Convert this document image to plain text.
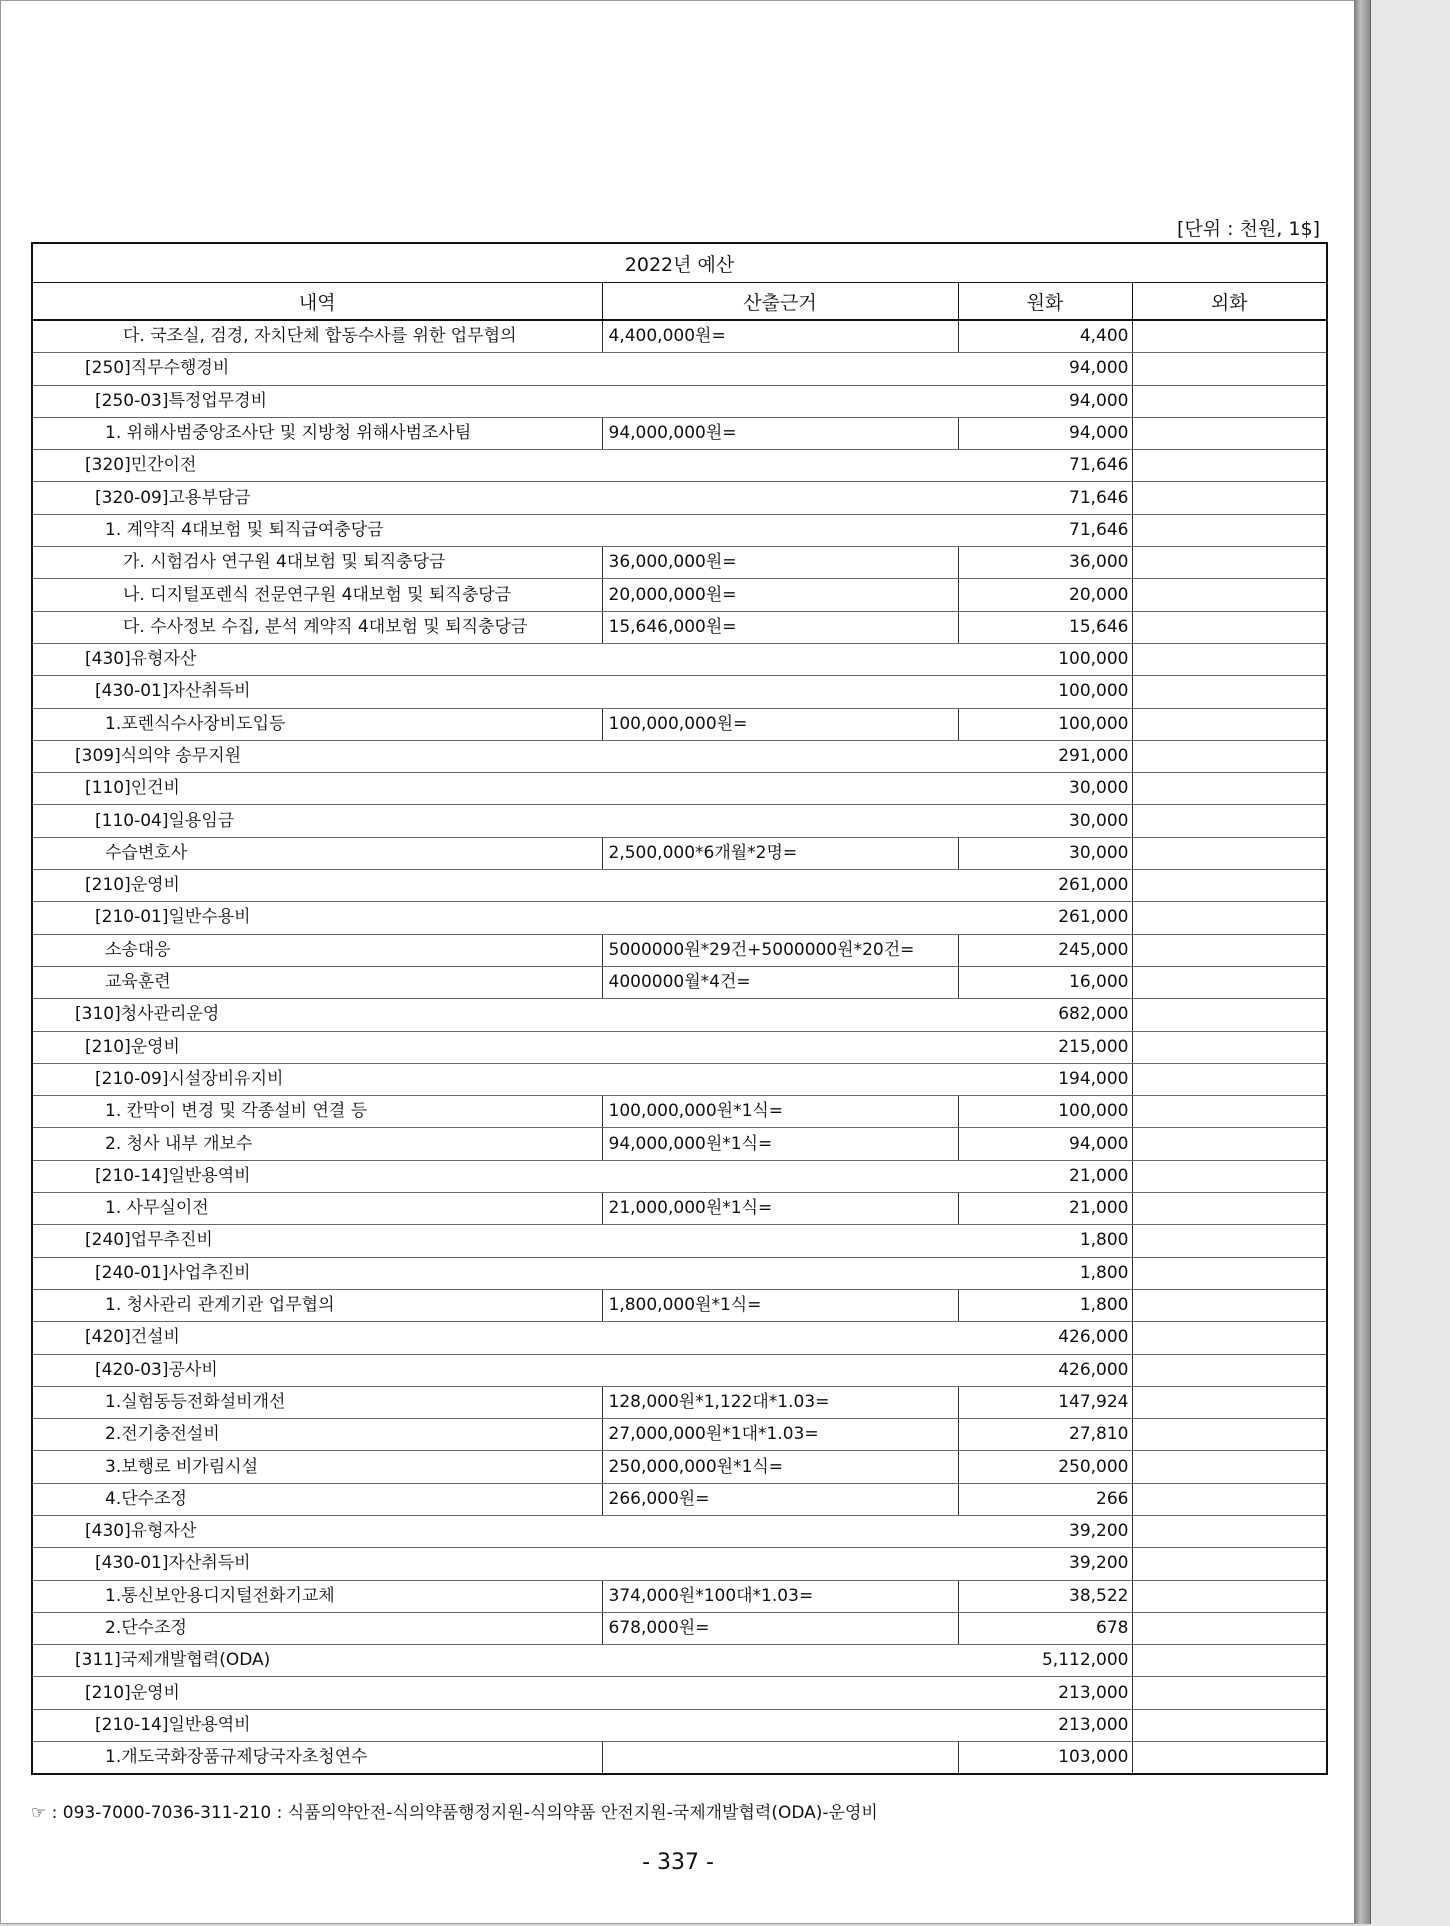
[단위 : 천원, 1$]
2022년 예산			
내역	산출근거	원화	외화
다. 국조실, 검경, 자치단체 합동수사를 위한 업무협의	4,400,000원=	4,400	
[250]직무수행경비		94,000	
[250-03]특정업무경비		94,000	
1. 위해사범중앙조사단 및 지방청 위해사범조사팀	94,000,000원=	94,000	
[320]민간이전		71,646	
[320-09]고용부담금		71,646	
1. 계약직 4대보험 및 퇴직급여충당금		71,646	
가. 시험검사 연구원 4대보험 및 퇴직충당금	36,000,000원=	36,000	
나. 디지털포렌식 전문연구원 4대보험 및 퇴직충당금	20,000,000원=	20,000	
다. 수사정보 수집, 분석 계약직 4대보험 및 퇴직충당금	15,646,000원=	15,646	
[430]유형자산		100,000	
[430-01]자산취득비		100,000	
1.포렌식수사장비도입등	100,000,000원=	100,000	
[309]식의약 송무지원		291,000	
[110]인건비		30,000	
[110-04]일용임금		30,000	
수습변호사	2,500,000*6개월*2명=	30,000	
[210]운영비		261,000	
[210-01]일반수용비		261,000	
소송대응	5000000원*29건+5000000원*20건=	245,000	
교육훈련	4000000월*4건=	16,000	
[310]청사관리운영		682,000	
[210]운영비		215,000	
[210-09]시설장비유지비		194,000	
1. 칸막이 변경 및 각종설비 연결 등	100,000,000원*1식=	100,000	
2. 청사 내부 개보수	94,000,000원*1식=	94,000	
[210-14]일반용역비		21,000	
1. 사무실이전	21,000,000원*1식=	21,000	
[240]업무추진비		1,800	
[240-01]사업추진비		1,800	
1. 청사관리 관계기관 업무협의	1,800,000원*1식=	1,800	
[420]건설비		426,000	
[420-03]공사비		426,000	
1.실험동등전화설비개선	128,000원*1,122대*1.03=	147,924	
2.전기충전설비	27,000,000원*1대*1.03=	27,810	
3.보행로 비가림시설	250,000,000원*1식=	250,000	
4.단수조정	266,000원=	266	
[430]유형자산		39,200	
[430-01]자산취득비		39,200	
1.통신보안용디지털전화기교체	374,000원*100대*1.03=	38,522	
2.단수조정	678,000원=	678	
[311]국제개발협력(ODA)		5,112,000	
[210]운영비		213,000	
[210-14]일반용역비		213,000	
1.개도국화장품규제당국자초청연수		103,000	
☞ : 093-7000-7036-311-210 : 식품의약안전-식의약품행정지원-식의약품 안전지원-국제개발협력(ODA)-운영비
- 337 -
